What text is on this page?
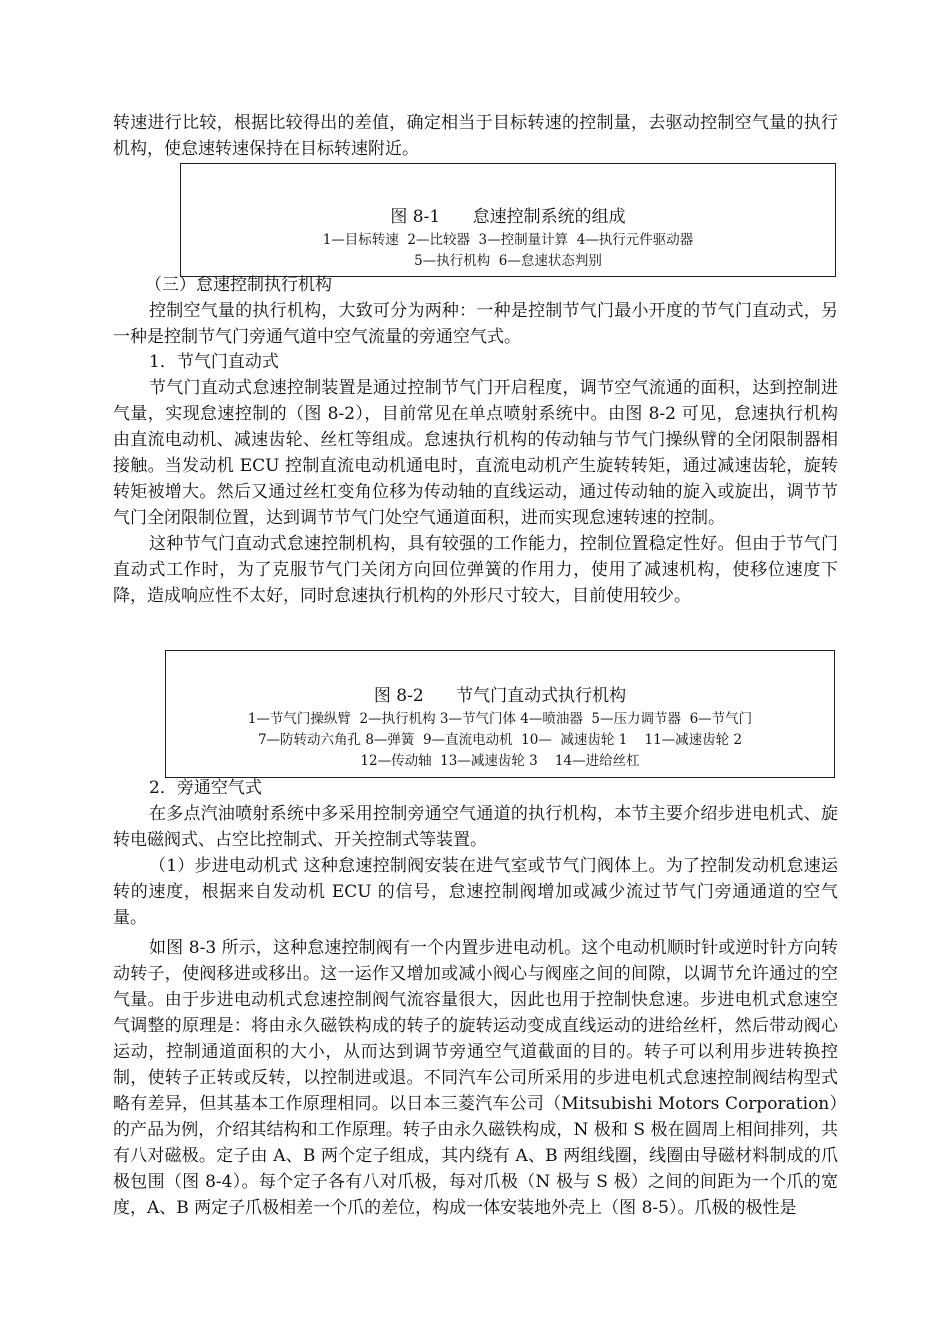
转速进行比较，根据比较得出的差值，确定相当于目标转速的控制量，去驱动控制空气量的执行机构，使怠速转速保持在目标转速附近。

图 8-1      怠速控制系统的组成

1—目标转速  2—比较器  3—控制量计算  4—执行元件驱动器

5—执行机构  6—怠速状态判别

（三）怠速控制执行机构

控制空气量的执行机构，大致可分为两种：一种是控制节气门最小开度的节气门直动式，另一种是控制节气门旁通气道中空气流量的旁通空气式。

1．节气门直动式

节气门直动式怠速控制装置是通过控制节气门开启程度，调节空气流通的面积，达到控制进气量，实现怠速控制的（图 8-2），目前常见在单点喷射系统中。由图 8-2 可见，怠速执行机构由直流电动机、减速齿轮、丝杠等组成。怠速执行机构的传动轴与节气门操纵臂的全闭限制器相接触。当发动机 ECU 控制直流电动机通电时，直流电动机产生旋转转矩，通过减速齿轮，旋转转矩被增大。然后又通过丝杠变角位移为传动轴的直线运动，通过传动轴的旋入或旋出，调节节气门全闭限制位置，达到调节节气门处空气通道面积，进而实现怠速转速的控制。

这种节气门直动式怠速控制机构，具有较强的工作能力，控制位置稳定性好。但由于节气门直动式工作时，为了克服节气门关闭方向回位弹簧的作用力，使用了减速机构，使移位速度下降，造成响应性不太好，同时怠速执行机构的外形尺寸较大，目前使用较少。

图 8-2      节气门直动式执行机构

1—节气门操纵臂  2—执行机构 3—节气门体 4—喷油器  5—压力调节器  6—节气门

7—防转动六角孔 8—弹簧  9—直流电动机  10—  减速齿轮 1    11—减速齿轮 2

12—传动轴  13—减速齿轮 3    14—进给丝杠

2．旁通空气式

在多点汽油喷射系统中多采用控制旁通空气通道的执行机构，本节主要介绍步进电机式、旋转电磁阀式、占空比控制式、开关控制式等装置。

（1）步进电动机式 这种怠速控制阀安装在进气室或节气门阀体上。为了控制发动机怠速运转的速度，根据来自发动机 ECU 的信号，怠速控制阀增加或减少流过节气门旁通通道的空气量。

如图 8-3 所示，这种怠速控制阀有一个内置步进电动机。这个电动机顺时针或逆时针方向转动转子，使阀移进或移出。这一运作又增加或减小阀心与阀座之间的间隙，以调节允许通过的空气量。由于步进电动机式怠速控制阀气流容量很大，因此也用于控制快怠速。步进电机式怠速空气调整的原理是：将由永久磁铁构成的转子的旋转运动变成直线运动的进给丝杆，然后带动阀心运动，控制通道面积的大小，从而达到调节旁通空气道截面的目的。转子可以利用步进转换控制，使转子正转或反转，以控制进或退。不同汽车公司所采用的步进电机式怠速控制阀结构型式略有差异，但其基本工作原理相同。以日本三菱汽车公司（Mitsubishi Motors Corporation）的产品为例，介绍其结构和工作原理。转子由永久磁铁构成，N 极和 S 极在圆周上相间排列，共有八对磁极。定子由 A、B 两个定子组成，其内绕有 A、B 两组线圈，线圈由导磁材料制成的爪极包围（图 8-4）。每个定子各有八对爪极，每对爪极（N 极与 S 极）之间的间距为一个爪的宽度，A、B 两定子爪极相差一个爪的差位，构成一体安装地外壳上（图 8-5）。爪极的极性是
